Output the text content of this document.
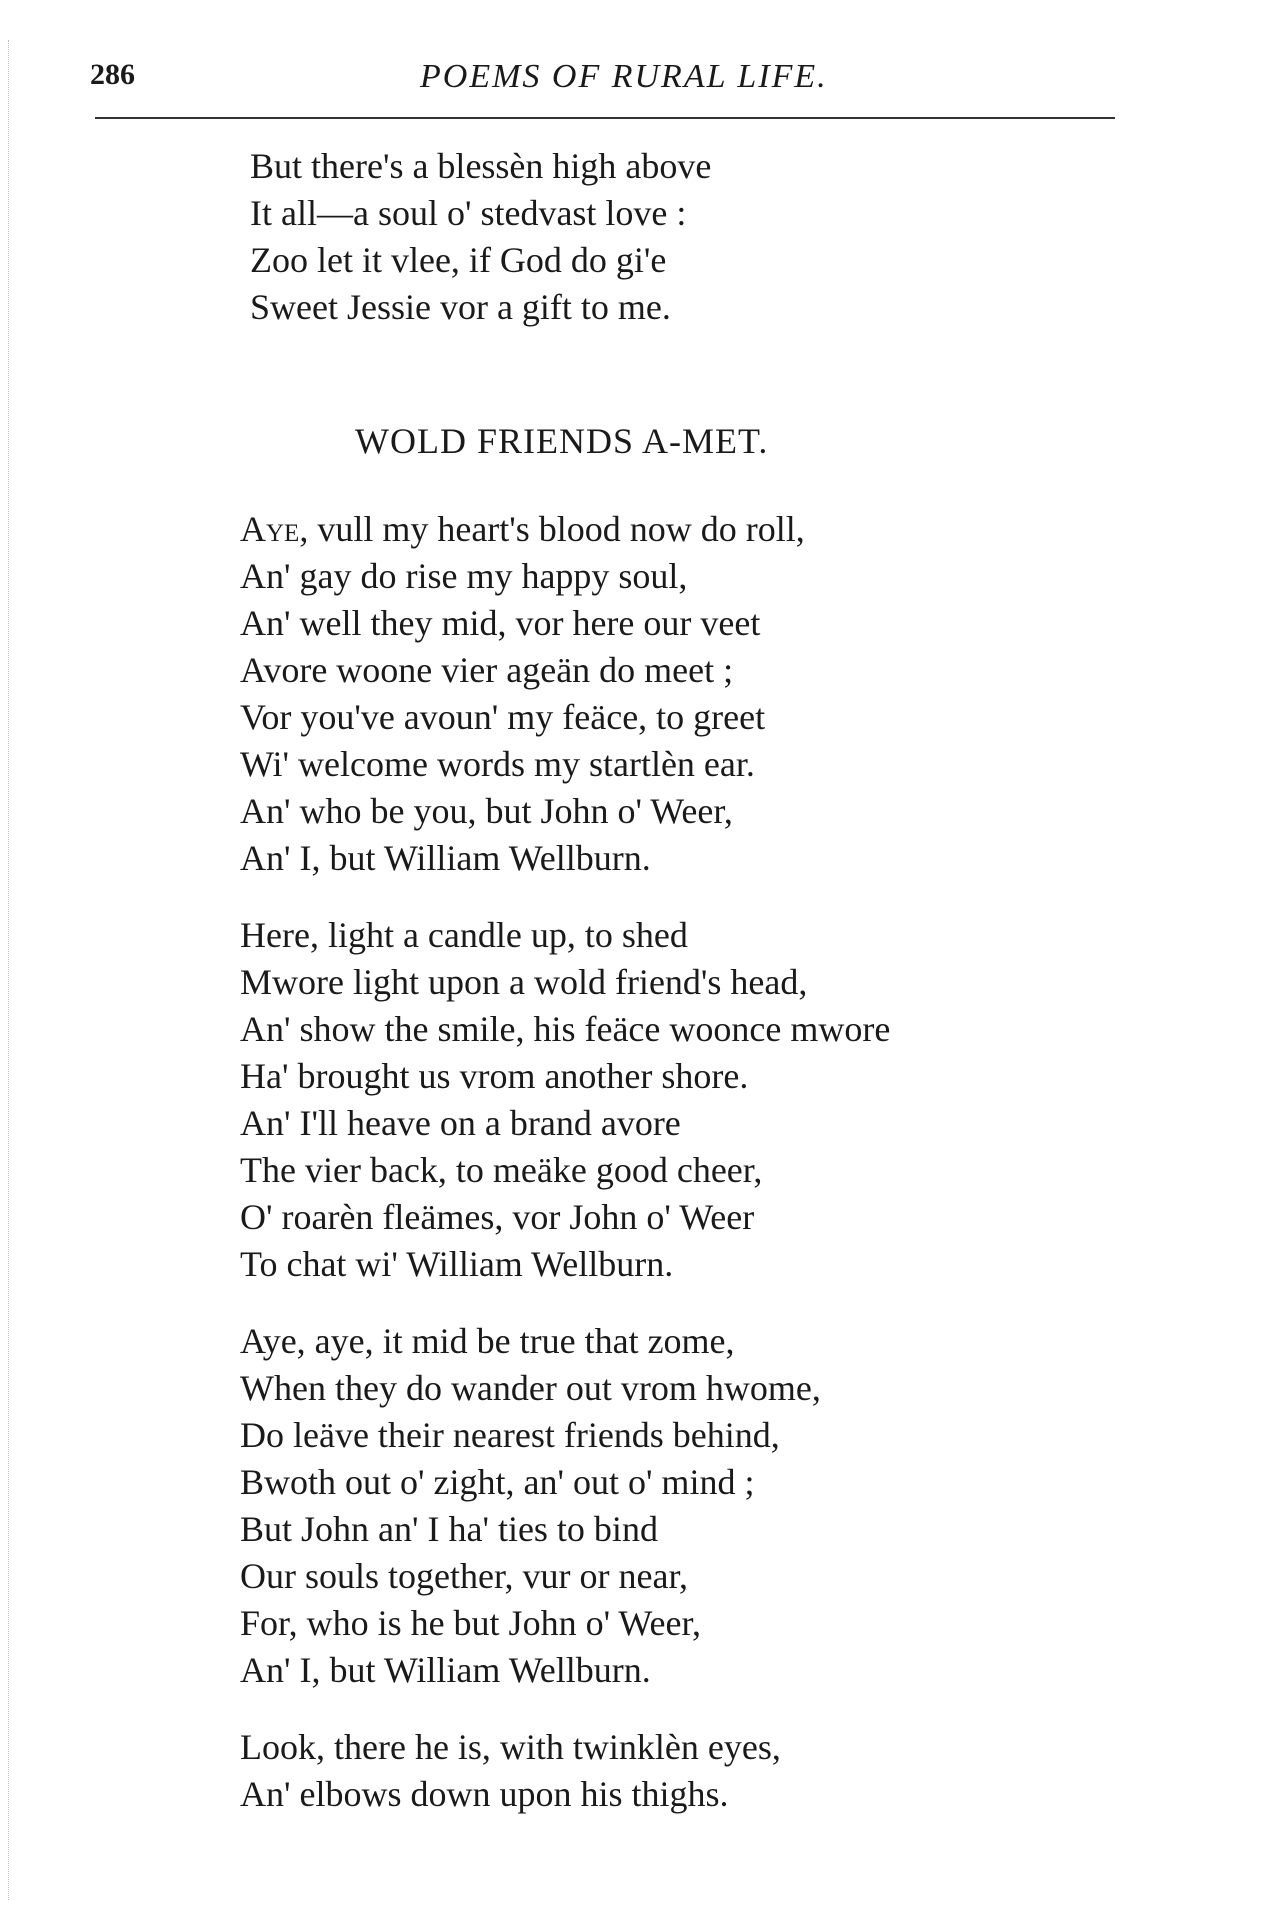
286	POEMS OF RURAL LIFE.
But there's a blessèn high above
It all—a soul o' stedvast love :
Zoo let it vlee, if God do gi'e
Sweet Jessie vor a gift to me.
WOLD FRIENDS A-MET.
Aye, vull my heart's blood now do roll,
An' gay do rise my happy soul,
An' well they mid, vor here our veet
Avore woone vier ageän do meet ;
Vor you've avoun' my feäce, to greet
Wi' welcome words my startlèn ear.
An' who be you, but John o' Weer,
An' I, but William Wellburn.
Here, light a candle up, to shed
Mwore light upon a wold friend's head,
An' show the smile, his feäce wooncе mwore
Ha' brought us vrom another shore.
An' I'll heave on a brand avore
The vier back, to meäke good cheer,
O' roarèn fleämes, vor John o' Weer
To chat wi' William Wellburn.
Aye, aye, it mid be true that zome,
When they do wander out vrom hwome,
Do leäve their nearest friends behind,
Bwoth out o' zight, an' out o' mind ;
But John an' I ha' ties to bind
Our souls together, vur or near,
For, who is he but John o' Weer,
An' I, but William Wellburn.
Look, there he is, with twinklèn eyes,
An' elbows down upon his thighs.
